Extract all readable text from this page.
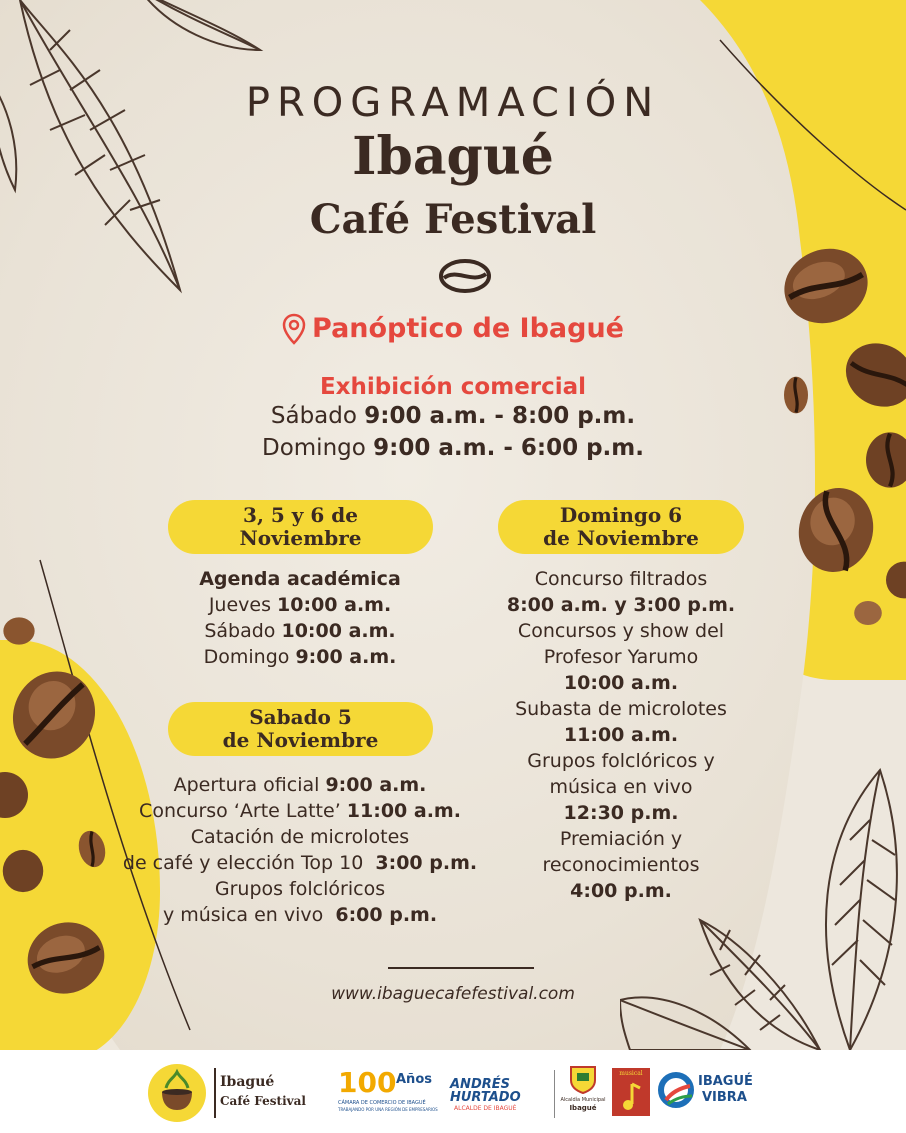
PROGRAMACIÓN
Ibagué
Café Festival
Panóptico de Ibagué
Exhibición comercial
Sábado 9:00 a.m. - 8:00 p.m.
Domingo 9:00 a.m. - 6:00 p.m.
3, 5 y 6 de
Noviembre
Agenda académica
Jueves 10:00 a.m.
Sábado 10:00 a.m.
Domingo 9:00 a.m.
Sabado 5
de Noviembre
Apertura oficial 9:00 a.m.
Concurso ‘Arte Latte’ 11:00 a.m.
Catación de microlotes
de café y elección Top 10 3:00 p.m.
Grupos folclóricos
y música en vivo 6:00 p.m.
Domingo 6
de Noviembre
Concurso filtrados
8:00 a.m. y 3:00 p.m.
Concursos y show del
Profesor Yarumo
10:00 a.m.
Subasta de microlotes
11:00 a.m.
Grupos folclóricos y
música en vivo
12:30 p.m.
Premiación y
reconocimientos
4:00 p.m.
www.ibaguecafefestival.com
Ibagué
Café Festival
100 Años
CÁMARA DE COMERCIO DE IBAGUÉ
TRABAJANDO POR UNA REGIÓN DE EMPRESARIOS
ANDRÉS
HURTADO
ALCALDE DE IBAGUÉ
Alcaldía Municipal
Ibagué
musical
IBAGUÉ
VIBRA
